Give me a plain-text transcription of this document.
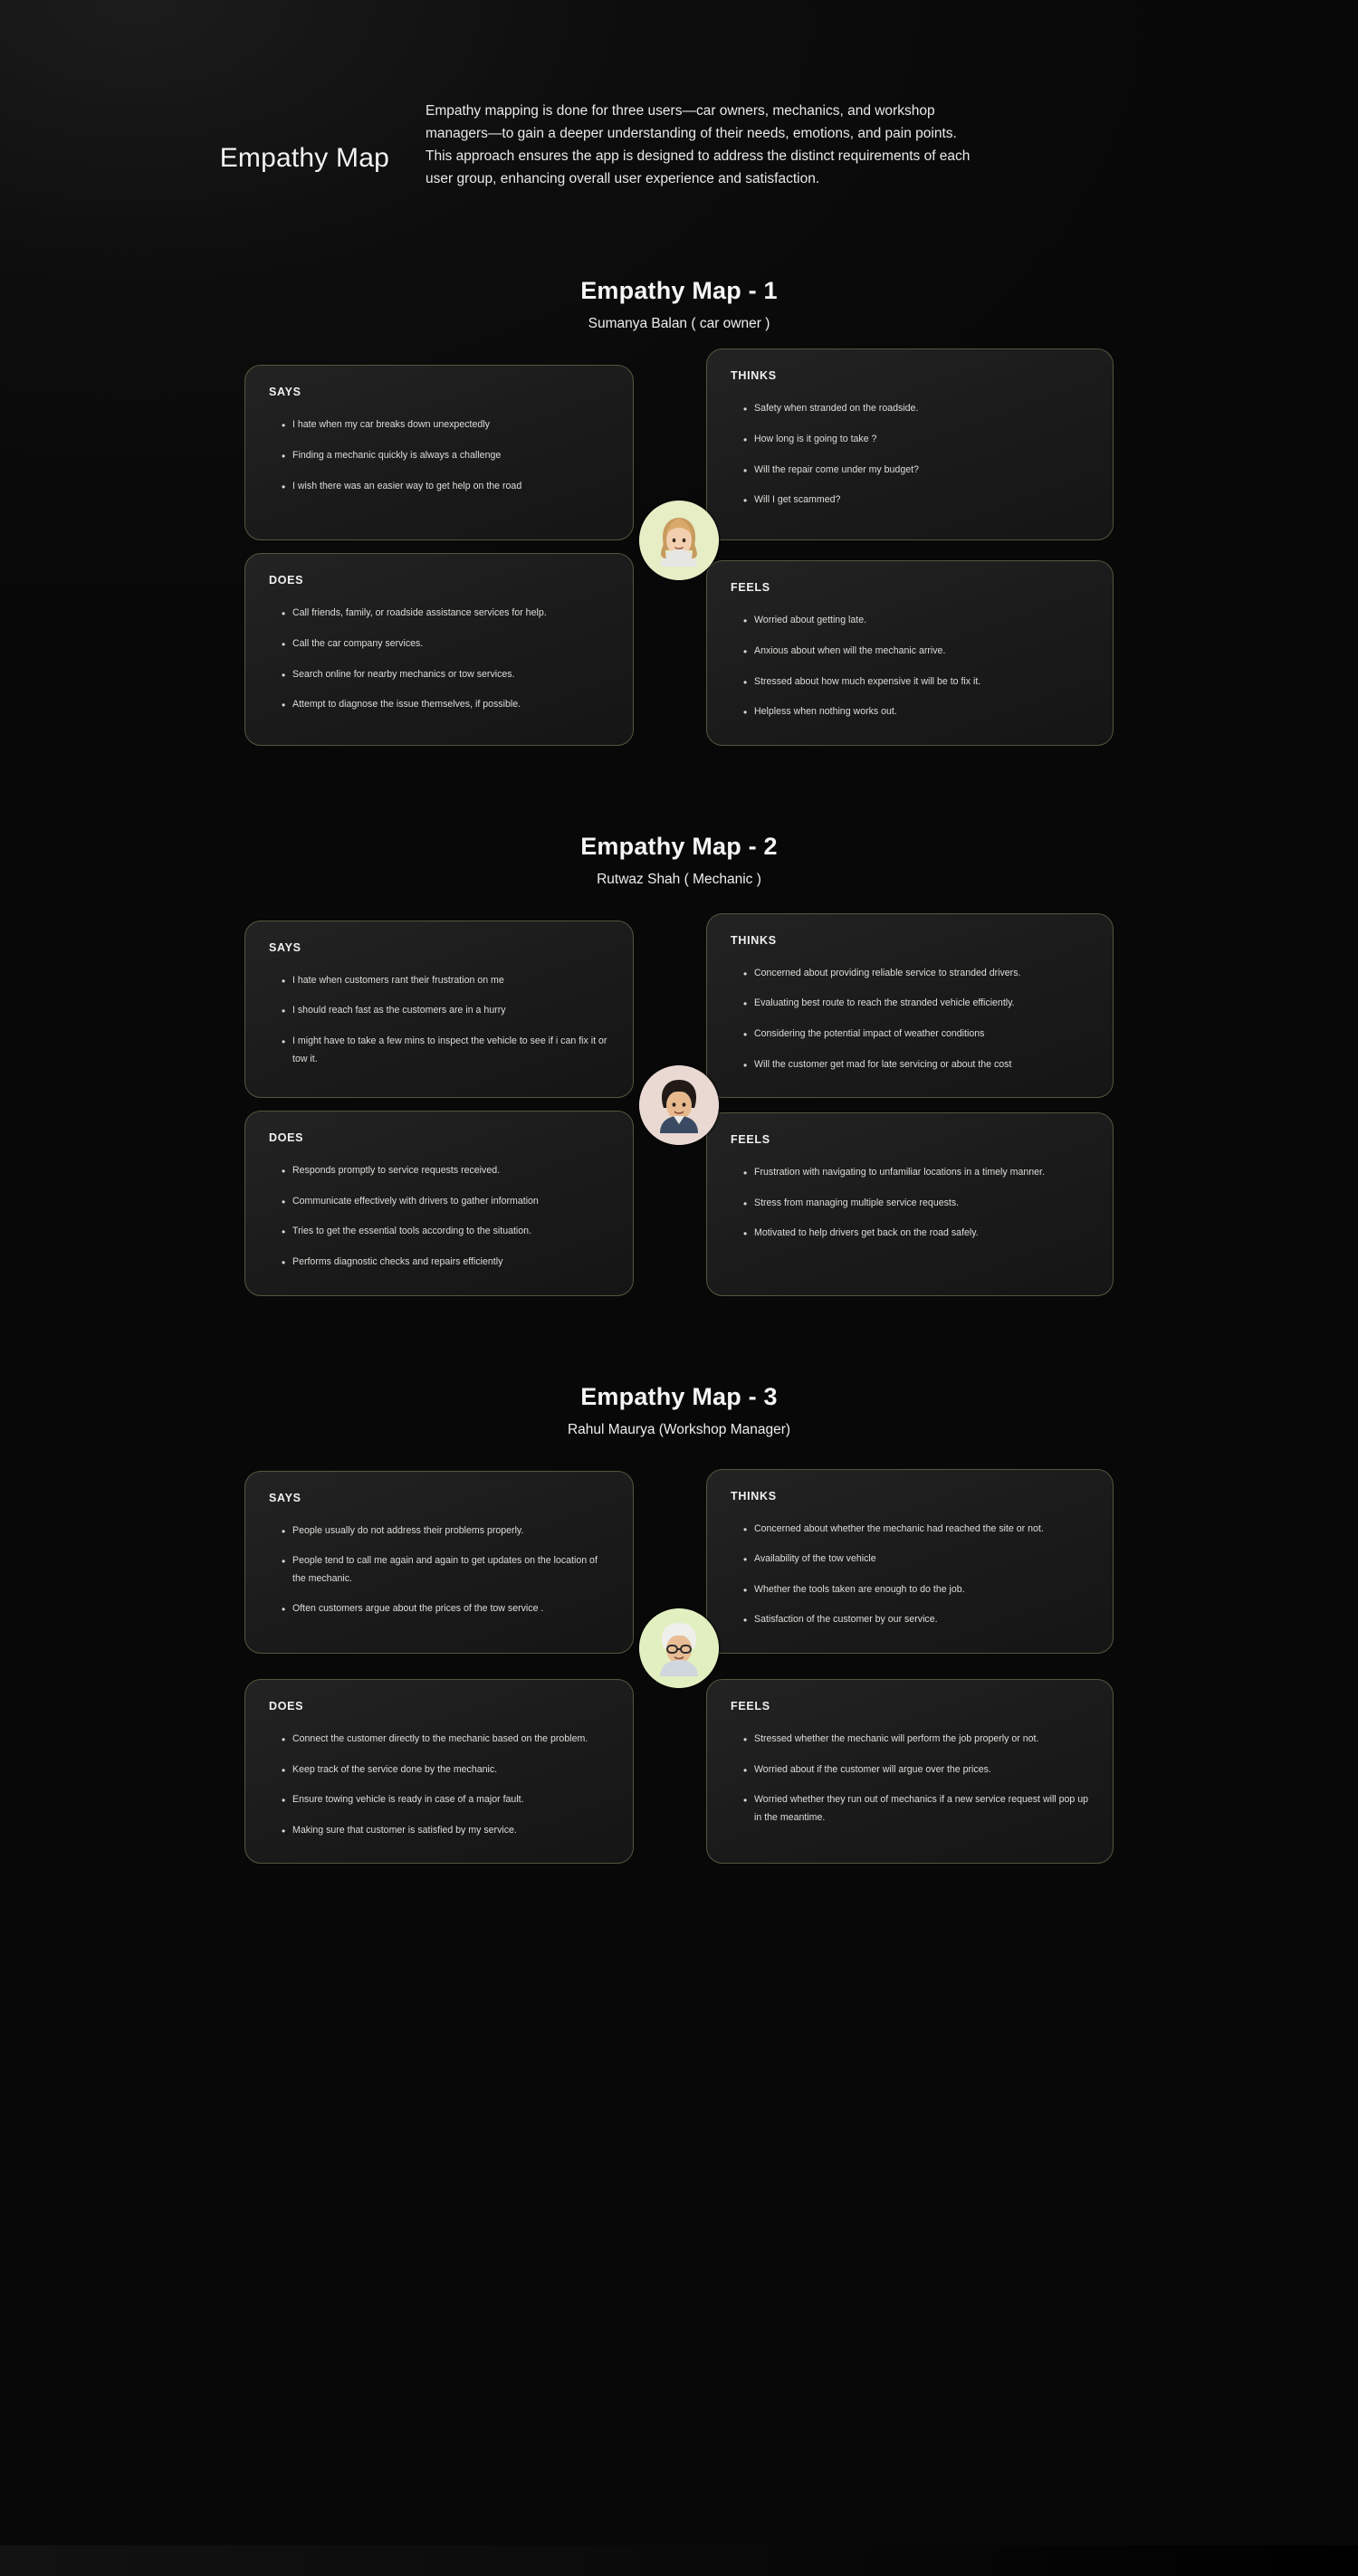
Empathy Map
Empathy mapping is done for three users—car owners, mechanics, and workshop managers—to gain a deeper understanding of their needs, emotions, and pain points. This approach ensures the app is designed to address the distinct requirements of each user group, enhancing overall user experience and satisfaction.
Empathy Map - 1
Sumanya Balan ( car owner )
SAYS
• I hate when my car breaks down unexpectedly
• Finding a mechanic quickly is always a challenge
• I wish there was an easier way to get help on the road
THINKS
• Safety when stranded on the roadside.
• How long is it going to take ?
• Will the repair come under my budget?
• Will I get scammed?
DOES
• Call friends, family, or roadside assistance services for help.
• Call the car company services.
• Search online for nearby mechanics or tow services.
• Attempt to diagnose the issue themselves, if possible.
FEELS
• Worried about getting late.
• Anxious about when will the mechanic arrive.
• Stressed about how much expensive it will be to fix it.
• Helpless when nothing works out.
Empathy Map - 2
Rutwaz Shah ( Mechanic )
SAYS
• I hate when customers rant their frustration on me
• I should reach fast as the customers are in a hurry
• I might have to take a few mins to inspect the vehicle to see if i can fix it or tow it.
THINKS
• Concerned about providing reliable service to stranded drivers.
• Evaluating best route to reach the stranded vehicle efficiently.
• Considering the potential impact of weather conditions
• Will the customer get mad for late servicing or about the cost
DOES
• Responds promptly to service requests received.
• Communicate effectively with drivers to gather information
• Tries to get the essential tools according to the situation.
• Performs diagnostic checks and repairs efficiently
FEELS
• Frustration with navigating to unfamiliar locations in a timely manner.
• Stress from managing multiple service requests.
• Motivated to help drivers get back on the road safely.
Empathy Map - 3
Rahul Maurya (Workshop Manager)
SAYS
• People usually do not address their problems properly.
• People tend to call me again and again to get updates on the location of the mechanic.
• Often customers argue about the prices of the tow service .
THINKS
• Concerned about whether the mechanic had reached the site or not.
• Availability of the tow vehicle
• Whether the tools taken are enough to do the job.
• Satisfaction of the customer by our service.
DOES
• Connect the customer directly to the mechanic based on the problem.
• Keep track of the service done by the mechanic.
• Ensure towing vehicle is ready in case of a major fault.
• Making sure that customer is satisfied by my service.
FEELS
• Stressed whether the mechanic will perform the job properly or not.
• Worried about if the customer will argue over the prices.
• Worried whether they run out of mechanics if a new service request will pop up in the meantime.
